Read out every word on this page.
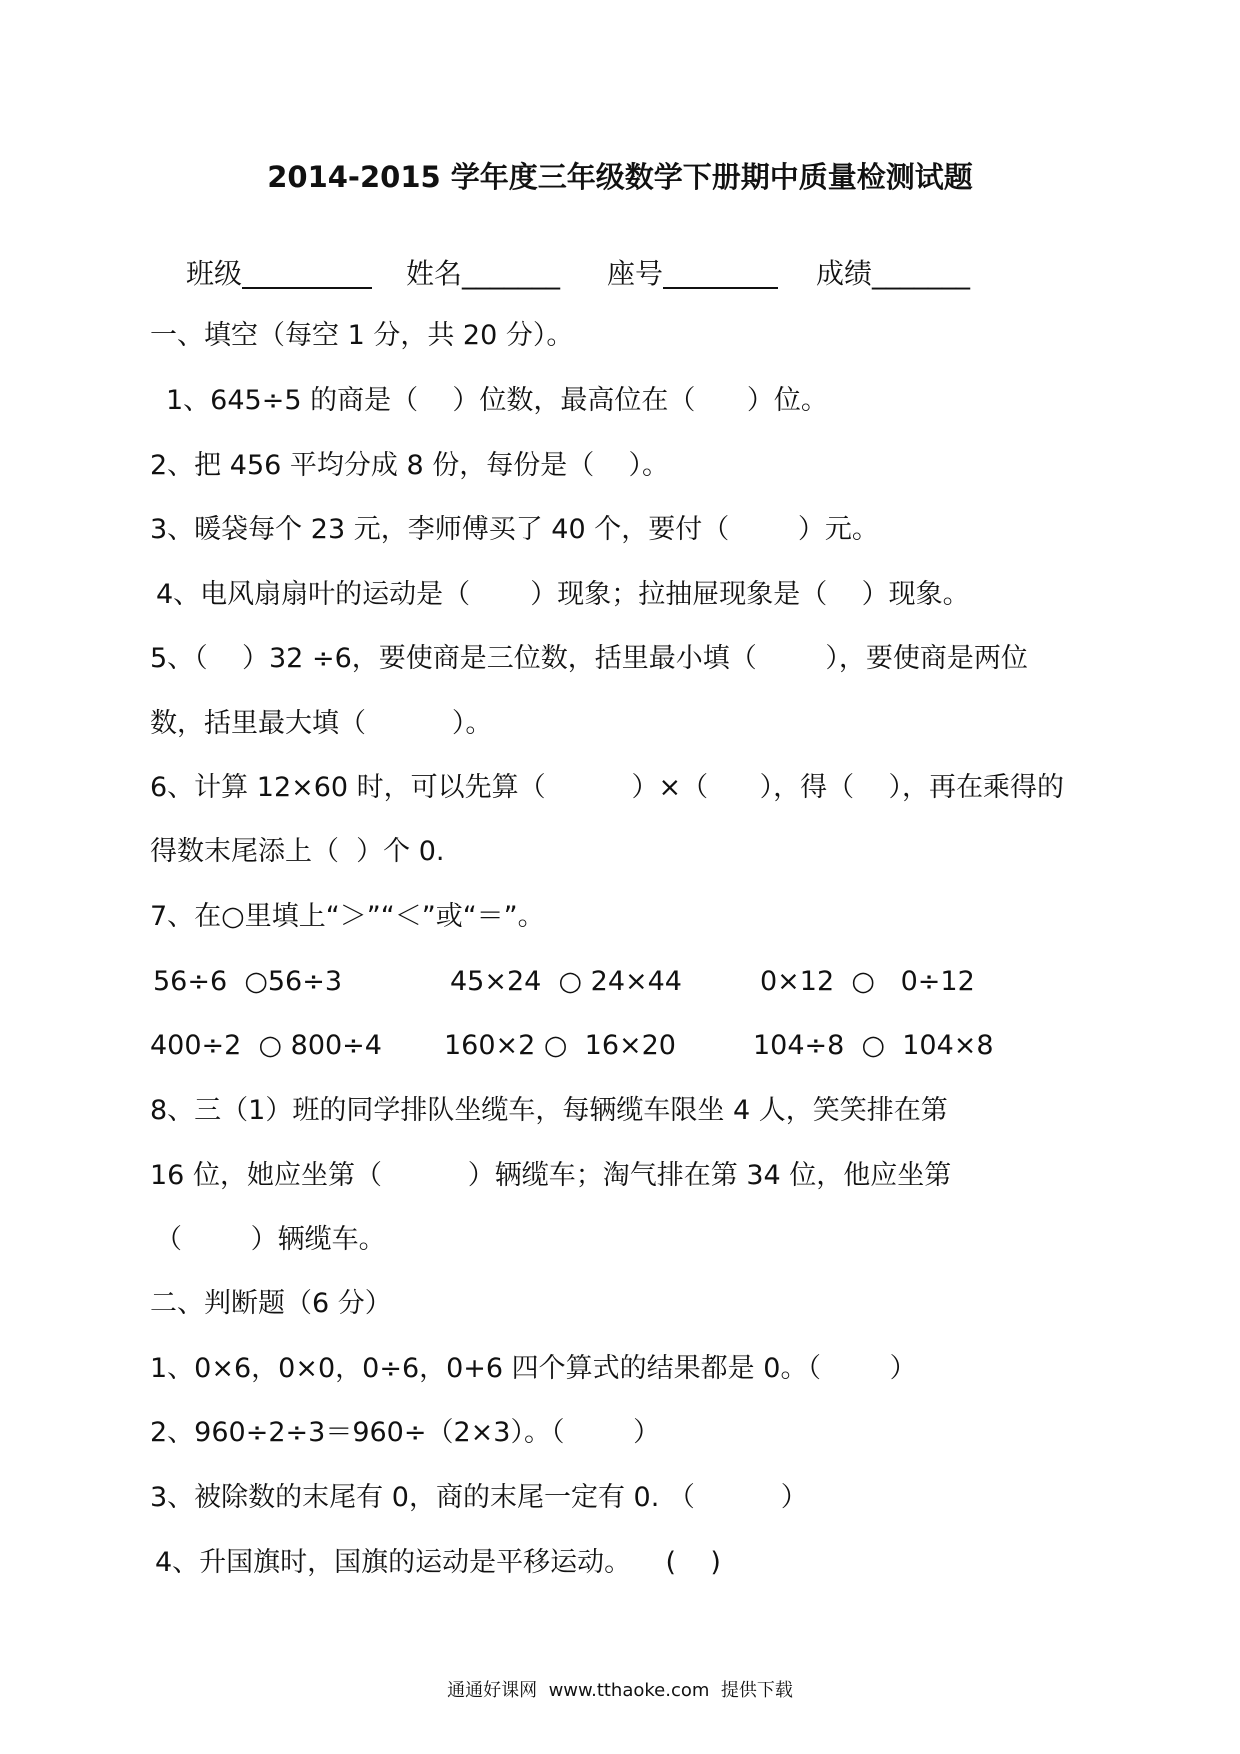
2014-2015 学年度三年级数学下册期中质量检测试题
班级	姓名_______ 座号	成绩_______
一、填空（每空 1 分，共 20 分）。
1、645÷5 的商是（    ）位数，最高位在（      ）位。
2、把 456 平均分成 8 份，每份是（    ）。
3、暖袋每个 23 元，李师傅买了 40 个，要付（        ）元。
4、电风扇扇叶的运动是（       ）现象；拉抽屉现象是（    ）现象。
5、（    ）32 ÷6，要使商是三位数，括里最小填（        ），要使商是两位
数，括里最大填（          ）。
6、计算 12×60 时，可以先算（          ）×（      ），得（    ），再在乘得的
得数末尾添上（  ）个 0.
7、在○里填上“＞”“＜”或“＝”。
56÷6  ○56÷3	45×24  ○ 24×44	0×12  ○   0÷12
400÷2  ○ 800÷4 160×2 ○  16×20	104÷8  ○  104×8
8、三（1）班的同学排队坐缆车，每辆缆车限坐 4 人，笑笑排在第
16 位，她应坐第（          ）辆缆车；淘气排在第 34 位，他应坐第
（        ）辆缆车。
二、判断题（6 分）
1、0×6，0×0，0÷6，0+6 四个算式的结果都是 0。（        ）
2、960÷2÷3＝960÷（2×3）。（        ）
3、被除数的末尾有 0，商的末尾一定有 0. （          ）
4、升国旗时，国旗的运动是平移运动。    (    )
通通好课网  www.tthaoke.com  提供下载
